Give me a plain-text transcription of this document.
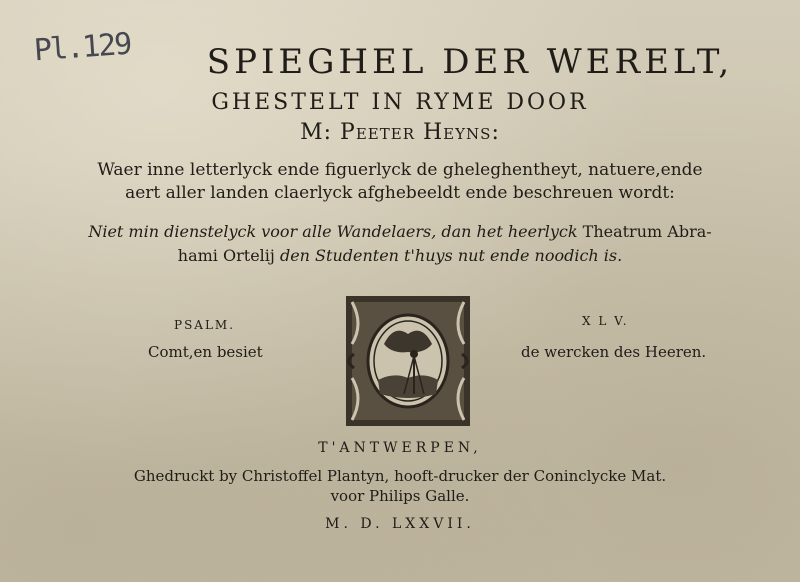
Pl.129	SPIEGHEL DER WERELT,
GHESTELT IN RYME DOOR
M: Peeter Heyns:
Waer inne letterlyck ende figuerlyck de gheleghentheyt, natuere,ende
aert aller landen claerlyck afghebeeldt ende beschreuen wordt:
Niet min dienstelyck voor alle Wandelaers, dan het heerlyck Theatrum Abra-
hami Ortelij den Studenten t'huys nut ende noodich is.
PSALM.	X L V.
Comt,en besiet	de wercken des Heeren.
T'ANTWERPEN,
Ghedruckt by Christoffel Plantyn, hooft-drucker der Coninclycke Mat.
voor Philips Galle.
M. D. LXXVII.
